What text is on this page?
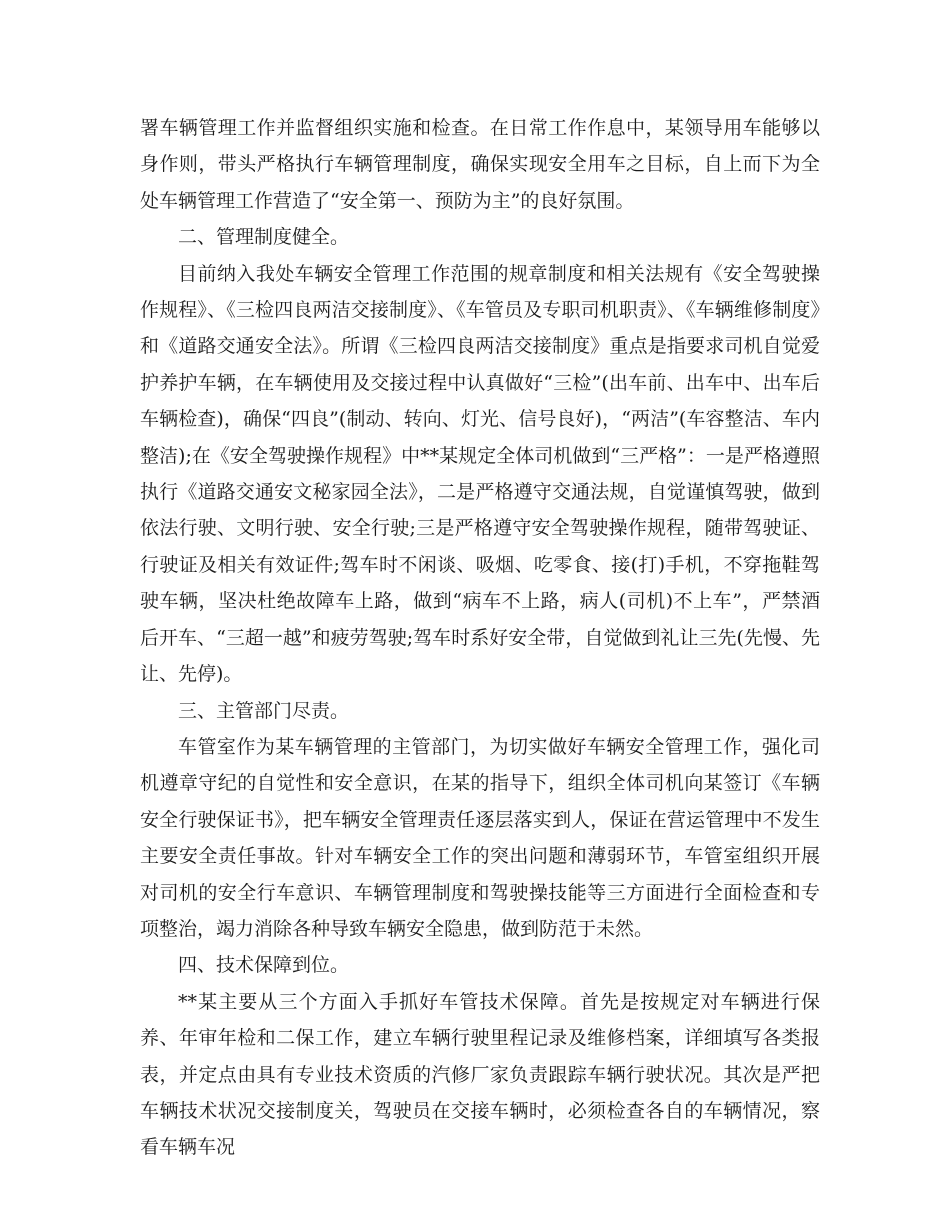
署车辆管理工作并监督组织实施和检查。在日常工作作息中，某领导用车能够以身作则，带头严格执行车辆管理制度，确保实现安全用车之目标，自上而下为全处车辆管理工作营造了“安全第一、预防为主”的良好氛围。

二、管理制度健全。

目前纳入我处车辆安全管理工作范围的规章制度和相关法规有《安全驾驶操作规程》、《三检四良两洁交接制度》、《车管员及专职司机职责》、《车辆维修制度》和《道路交通安全法》。所谓《三检四良两洁交接制度》重点是指要求司机自觉爱护养护车辆，在车辆使用及交接过程中认真做好“三检”(出车前、出车中、出车后车辆检查)，确保“四良”(制动、转向、灯光、信号良好)，“两洁”(车容整洁、车内整洁);在《安全驾驶操作规程》中**某规定全体司机做到“三严格”：一是严格遵照执行《道路交通安文秘家园全法》，二是严格遵守交通法规，自觉谨慎驾驶，做到依法行驶、文明行驶、安全行驶;三是严格遵守安全驾驶操作规程，随带驾驶证、行驶证及相关有效证件;驾车时不闲谈、吸烟、吃零食、接(打)手机，不穿拖鞋驾驶车辆，坚决杜绝故障车上路，做到“病车不上路，病人(司机)不上车”，严禁酒后开车、“三超一越”和疲劳驾驶;驾车时系好安全带，自觉做到礼让三先(先慢、先让、先停)。

三、主管部门尽责。

车管室作为某车辆管理的主管部门，为切实做好车辆安全管理工作，强化司机遵章守纪的自觉性和安全意识，在某的指导下，组织全体司机向某签订《车辆安全行驶保证书》，把车辆安全管理责任逐层落实到人，保证在营运管理中不发生主要安全责任事故。针对车辆安全工作的突出问题和薄弱环节，车管室组织开展对司机的安全行车意识、车辆管理制度和驾驶操技能等三方面进行全面检查和专项整治，竭力消除各种导致车辆安全隐患，做到防范于未然。

四、技术保障到位。

**某主要从三个方面入手抓好车管技术保障。首先是按规定对车辆进行保养、年审年检和二保工作，建立车辆行驶里程记录及维修档案，详细填写各类报表，并定点由具有专业技术资质的汽修厂家负责跟踪车辆行驶状况。其次是严把车辆技术状况交接制度关，驾驶员在交接车辆时，必须检查各自的车辆情况，察看车辆车况
